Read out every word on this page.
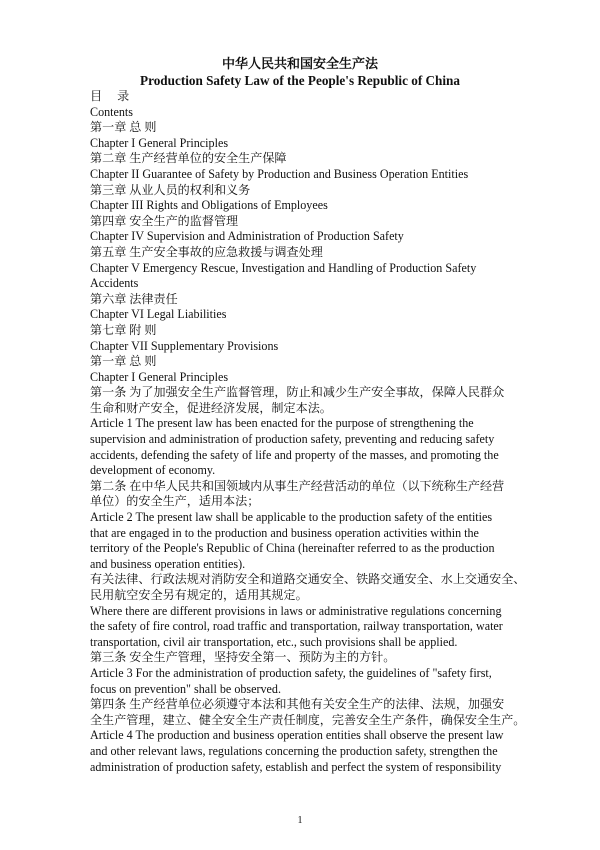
中华人民共和国安全生产法
Production Safety Law of the People's Republic of China

目 录

Contents

第一章 总 则

Chapter I General Principles

第二章 生产经营单位的安全生产保障

Chapter II Guarantee of Safety by Production and Business Operation Entities

第三章 从业人员的权利和义务

Chapter III Rights and Obligations of Employees

第四章 安全生产的监督管理

Chapter IV Supervision and Administration of Production Safety

第五章 生产安全事故的应急救援与调查处理

Chapter V Emergency Rescue, Investigation and Handling of Production Safety

Accidents

第六章 法律责任

Chapter VI Legal Liabilities

第七章 附 则

Chapter VII Supplementary Provisions

第一章 总 则

Chapter I General Principles

第一条 为了加强安全生产监督管理，防止和减少生产安全事故，保障人民群众

生命和财产安全，促进经济发展，制定本法。

Article 1 The present law has been enacted for the purpose of strengthening the

supervision and administration of production safety, preventing and reducing safety

accidents, defending the safety of life and property of the masses, and promoting the

development of economy.

第二条 在中华人民共和国领域内从事生产经营活动的单位（以下统称生产经营

单位）的安全生产，适用本法；

Article 2 The present law shall be applicable to the production safety of the entities

that are engaged in to the production and business operation activities within the

territory of the People's Republic of China (hereinafter referred to as the production

and business operation entities).

有关法律、行政法规对消防安全和道路交通安全、铁路交通安全、水上交通安全、

民用航空安全另有规定的，适用其规定。

Where there are different provisions in laws or administrative regulations concerning

the safety of fire control, road traffic and transportation, railway transportation, water

transportation, civil air transportation, etc., such provisions shall be applied.

第三条 安全生产管理，坚持安全第一、预防为主的方针。

Article 3 For the administration of production safety, the guidelines of "safety first,

focus on prevention" shall be observed.

第四条 生产经营单位必须遵守本法和其他有关安全生产的法律、法规，加强安

全生产管理，建立、健全安全生产责任制度，完善安全生产条件，确保安全生产。

Article 4 The production and business operation entities shall observe the present law

and other relevant laws, regulations concerning the production safety, strengthen the

administration of production safety, establish and perfect the system of responsibility

1
